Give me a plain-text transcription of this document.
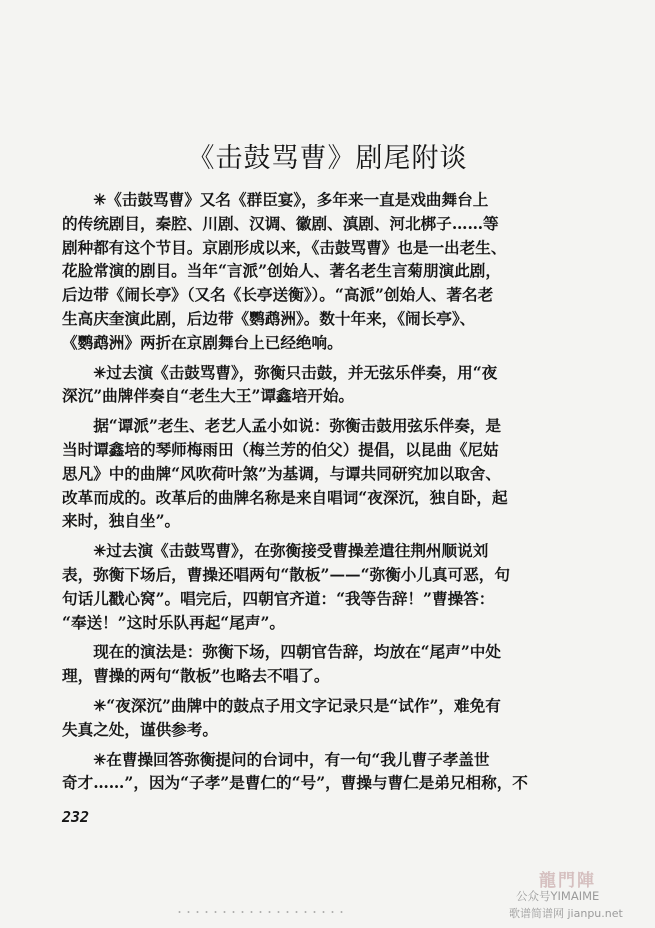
《击鼓骂曹》剧尾附谈
✳《击鼓骂曹》又名《群臣宴》，多年来一直是戏曲舞台上
的传统剧目，秦腔、川剧、汉调、徽剧、滇剧、河北梆子……等
剧种都有这个节目。京剧形成以来，《击鼓骂曹》也是一出老生、
花脸常演的剧目。当年“言派”创始人、著名老生言菊朋演此剧，
后边带《闹长亭》（又名《长亭送衡》）。“高派”创始人、著名老
生高庆奎演此剧，后边带《鹦鹉洲》。数十年来，《闹长亭》、
《鹦鹉洲》两折在京剧舞台上已经绝响。
✳过去演《击鼓骂曹》，弥衡只击鼓，并无弦乐伴奏，用“夜
深沉”曲牌伴奏自“老生大王”谭鑫培开始。
据“谭派”老生、老艺人孟小如说：弥衡击鼓用弦乐伴奏，是
当时谭鑫培的琴师梅雨田（梅兰芳的伯父）提倡，以昆曲《尼姑
思凡》中的曲牌“风吹荷叶煞”为基调，与谭共同研究加以取舍、
改革而成的。改革后的曲牌名称是来自唱词“夜深沉，独自卧，起
来时，独自坐”。
✳过去演《击鼓骂曹》，在弥衡接受曹操差遣往荆州顺说刘
表，弥衡下场后，曹操还唱两句“散板”——“弥衡小儿真可恶，句
句话儿戳心窝”。唱完后，四朝官齐道：“我等告辞！”曹操答：
“奉送！”这时乐队再起“尾声”。
现在的演法是：弥衡下场，四朝官告辞，均放在“尾声”中处
理，曹操的两句“散板”也略去不唱了。
✳“夜深沉”曲牌中的鼓点子用文字记录只是“试作”，难免有
失真之处，谨供参考。
✳在曹操回答弥衡提问的台词中，有一句“我儿曹子孝盖世
奇才……”，因为“子孝”是曹仁的“号”，曹操与曹仁是弟兄相称，不
232
龍門陣
公众号YIMAIME
歌谱简谱网 jianpu.net
